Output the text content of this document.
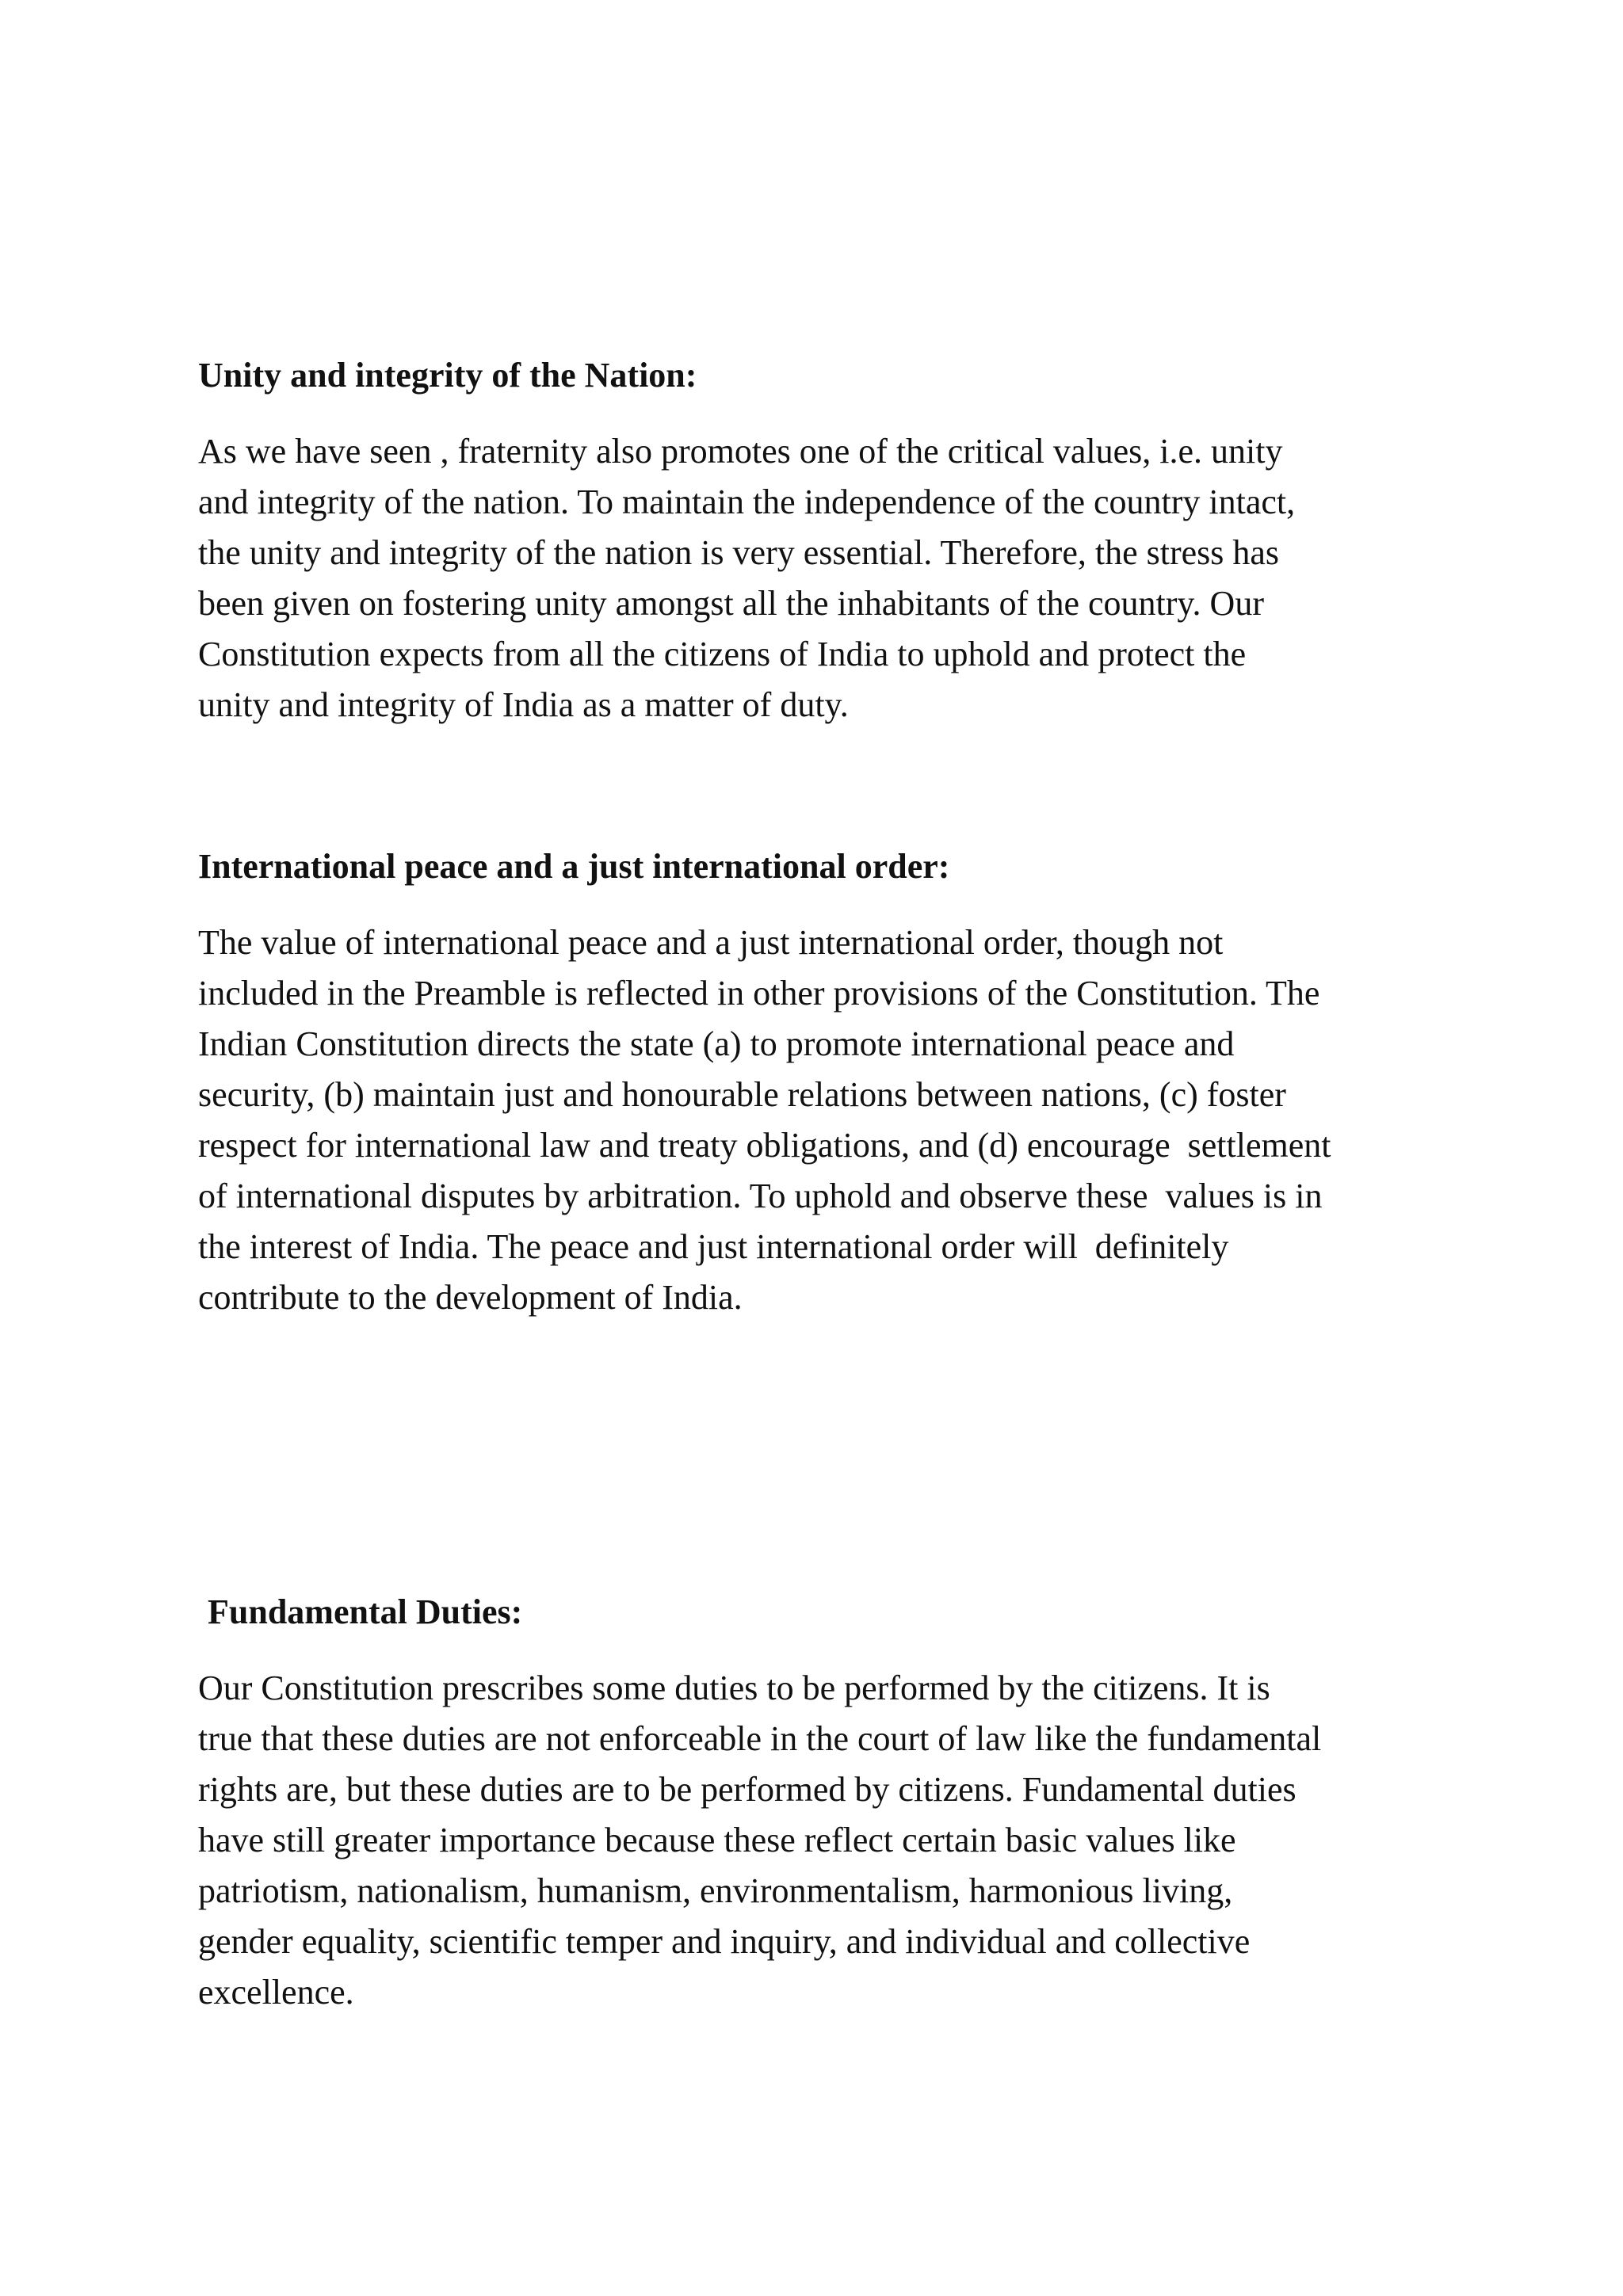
Unity and integrity of the Nation:

As we have seen , fraternity also promotes one of the critical values, i.e. unity
and integrity of the nation. To maintain the independence of the country intact,
the unity and integrity of the nation is very essential. Therefore, the stress has
been given on fostering unity amongst all the inhabitants of the country. Our
Constitution expects from all the citizens of India to uphold and protect the
unity and integrity of India as a matter of duty.

International peace and a just international order:

The value of international peace and a just international order, though not
included in the Preamble is reflected in other provisions of the Constitution. The
Indian Constitution directs the state (a) to promote international peace and
security, (b) maintain just and honourable relations between nations, (c) foster
respect for international law and treaty obligations, and (d) encourage  settlement
of international disputes by arbitration. To uphold and observe these  values is in
the interest of India. The peace and just international order will  definitely
contribute to the development of India.

Fundamental Duties:

Our Constitution prescribes some duties to be performed by the citizens. It is
true that these duties are not enforceable in the court of law like the fundamental
rights are, but these duties are to be performed by citizens. Fundamental duties
have still greater importance because these reflect certain basic values like
patriotism, nationalism, humanism, environmentalism, harmonious living,
gender equality, scientific temper and inquiry, and individual and collective
excellence.
